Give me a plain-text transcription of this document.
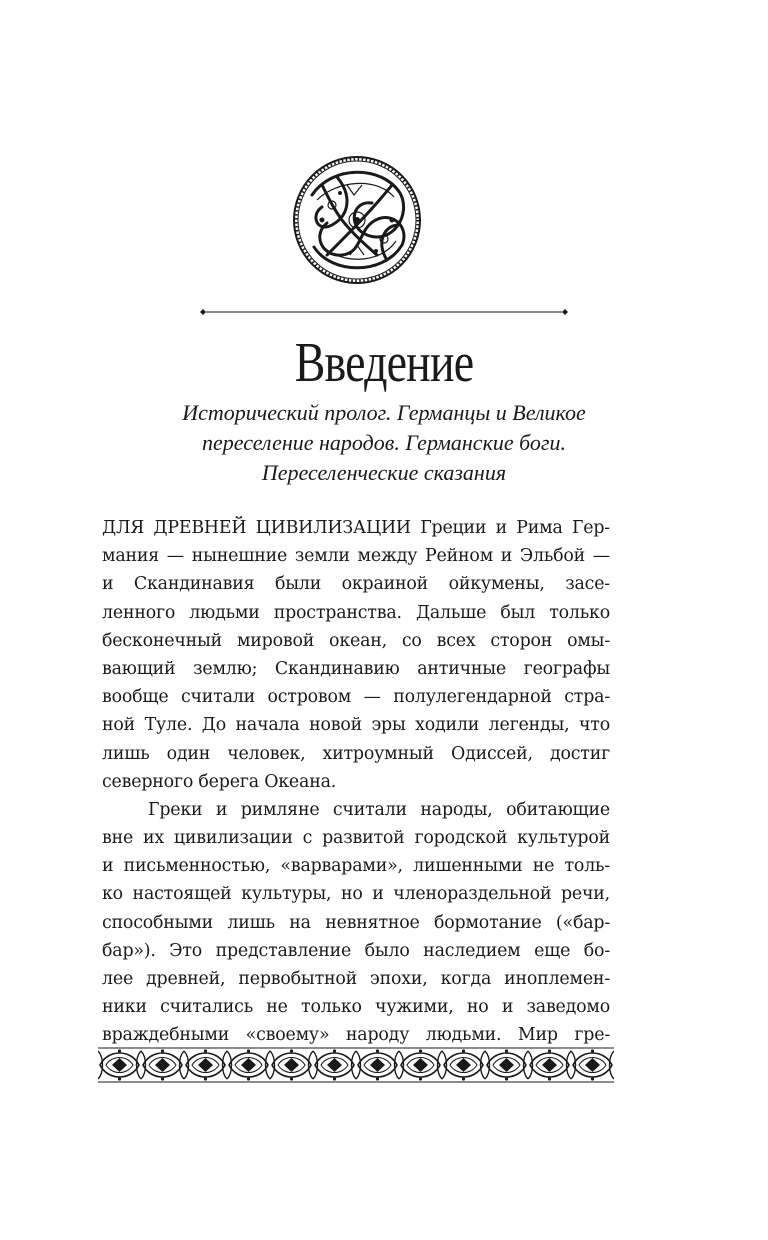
Введение
Исторический пролог. Германцы и Великое
переселение народов. Германские боги.
Переселенческие сказания
ДЛЯ ДРЕВНЕЙ ЦИВИЛИЗАЦИИ Греции и Рима Гер-
мания — нынешние земли между Рейном и Эльбой —
и Скандинавия были окраиной ойкумены, засе-
ленного людьми пространства. Дальше был только
бесконечный мировой океан, со всех сторон омы-
вающий землю; Скандинавию античные географы
вообще считали островом — полулегендарной стра-
ной Туле. До начала новой эры ходили легенды, что
лишь один человек, хитроумный Одиссей, достиг
северного берега Океана.
Греки и римляне считали народы, обитающие
вне их цивилизации с развитой городской культурой
и письменностью, «варварами», лишенными не толь-
ко настоящей культуры, но и членораздельной речи,
способными лишь на невнятное бормотание («бар-
бар»). Это представление было наследием еще бо-
лее древней, первобытной эпохи, когда иноплемен-
ники считались не только чужими, но и заведомо
враждебными «своему» народу людьми. Мир гре-
